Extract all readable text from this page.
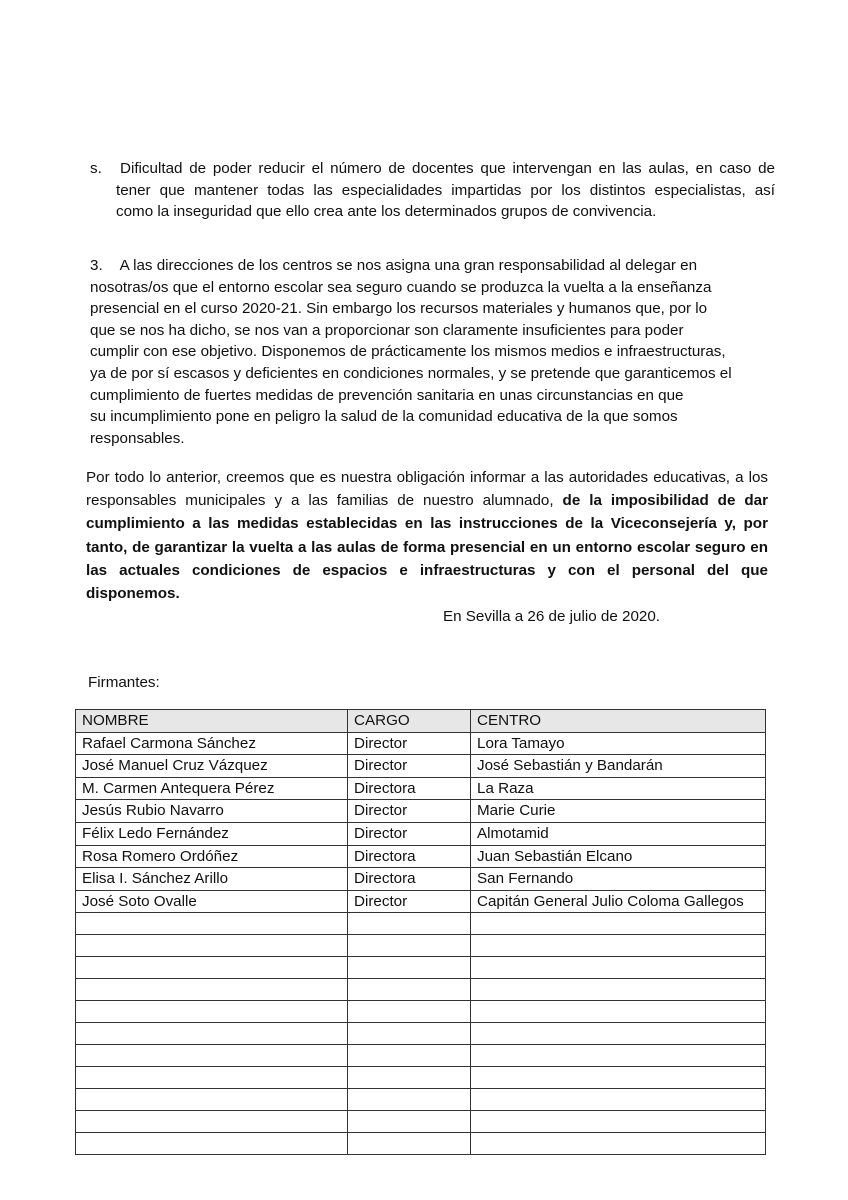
s. Dificultad de poder reducir el número de docentes que intervengan en las aulas, en caso de
tener que mantener todas las especialidades impartidas por los distintos especialistas, así
como la inseguridad que ello crea ante los determinados grupos de convivencia.
3. A las direcciones de los centros se nos asigna una gran responsabilidad al delegar en
nosotras/os que el entorno escolar sea seguro cuando se produzca la vuelta a la enseñanza
presencial en el curso 2020-21. Sin embargo los recursos materiales y humanos que, por lo
que se nos ha dicho, se nos van a proporcionar son claramente insuficientes para poder
cumplir con ese objetivo. Disponemos de prácticamente los mismos medios e infraestructuras,
ya de por sí escasos y deficientes en condiciones normales, y se pretende que garanticemos el
cumplimiento de fuertes medidas de prevención sanitaria en unas circunstancias en que
su incumplimiento pone en peligro la salud de la comunidad educativa de la que somos
responsables.
Por todo lo anterior, creemos que es nuestra obligación informar a las autoridades educativas, a los responsables municipales y a las familias de nuestro alumnado, de la imposibilidad de dar cumplimiento a las medidas establecidas en las instrucciones de la Viceconsejería y, por tanto, de garantizar la vuelta a las aulas de forma presencial en un entorno escolar seguro en las actuales condiciones de espacios e infraestructuras y con el personal del que disponemos.
En Sevilla a 26 de julio de 2020.
Firmantes:
NOMBRE	CARGO	CENTRO
Rafael Carmona Sánchez	Director	Lora Tamayo
José Manuel Cruz Vázquez	Director	José Sebastián y Bandarán
M. Carmen Antequera Pérez	Directora	La Raza
Jesús Rubio Navarro	Director	Marie Curie
Félix Ledo Fernández	Director	Almotamid
Rosa Romero Ordóñez	Directora	Juan Sebastián Elcano
Elisa I. Sánchez Arillo	Directora	San Fernando
José Soto Ovalle	Director	Capitán General Julio Coloma Gallegos
